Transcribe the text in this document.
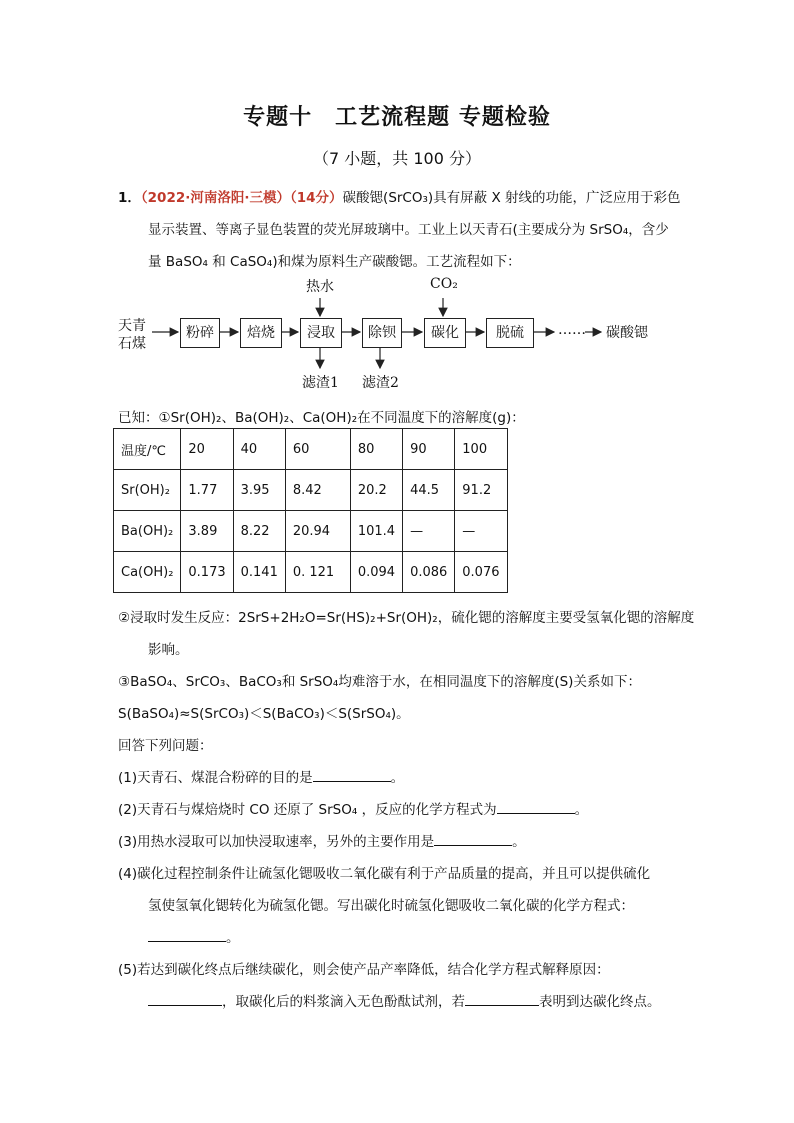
专题十　工艺流程题 专题检验
（7 小题，共 100 分）
1．（2022·河南洛阳·三模）（14分）碳酸锶(SrCO₃)具有屏蔽 X 射线的功能，广泛应用于彩色
显示装置、等离子显色装置的荧光屏玻璃中。工业上以天青石(主要成分为 SrSO₄，含少
量 BaSO₄ 和 CaSO₄)和煤为原料生产碳酸锶。工艺流程如下：
天青
石煤
粉碎	焙烧	浸取	除钡	碳化	脱硫
热水	CO₂
滤渣1 滤渣2
…… 碳酸锶
已知：①Sr(OH)₂、Ba(OH)₂、Ca(OH)₂在不同温度下的溶解度(g)：
温度/℃	20	40	60	80	90	100
Sr(OH)₂	1.77	3.95	8.42	20.2	44.5	91.2
Ba(OH)₂	3.89	8.22	20.94	101.4	—	—
Ca(OH)₂	0.173	0.141	0. 121	0.094	0.086	0.076
②浸取时发生反应：2SrS+2H₂O=Sr(HS)₂+Sr(OH)₂，硫化锶的溶解度主要受氢氧化锶的溶解度
影响。
③BaSO₄、SrCO₃、BaCO₃和 SrSO₄均难溶于水，在相同温度下的溶解度(S)关系如下：
S(BaSO₄)≈S(SrCO₃)＜S(BaCO₃)＜S(SrSO₄)。
回答下列问题：
(1)天青石、煤混合粉碎的目的是	。
(2)天青石与煤焙烧时 CO 还原了 SrSO₄ ，反应的化学方程式为	。
(3)用热水浸取可以加快浸取速率，另外的主要作用是	。
(4)碳化过程控制条件让硫氢化锶吸收二氧化碳有利于产品质量的提高，并且可以提供硫化
氢使氢氧化锶转化为硫氢化锶。写出碳化时硫氢化锶吸收二氧化碳的化学方程式：
。
(5)若达到碳化终点后继续碳化，则会使产品产率降低，结合化学方程式解释原因：
，取碳化后的料浆滴入无色酚酞试剂，若	表明到达碳化终点。
